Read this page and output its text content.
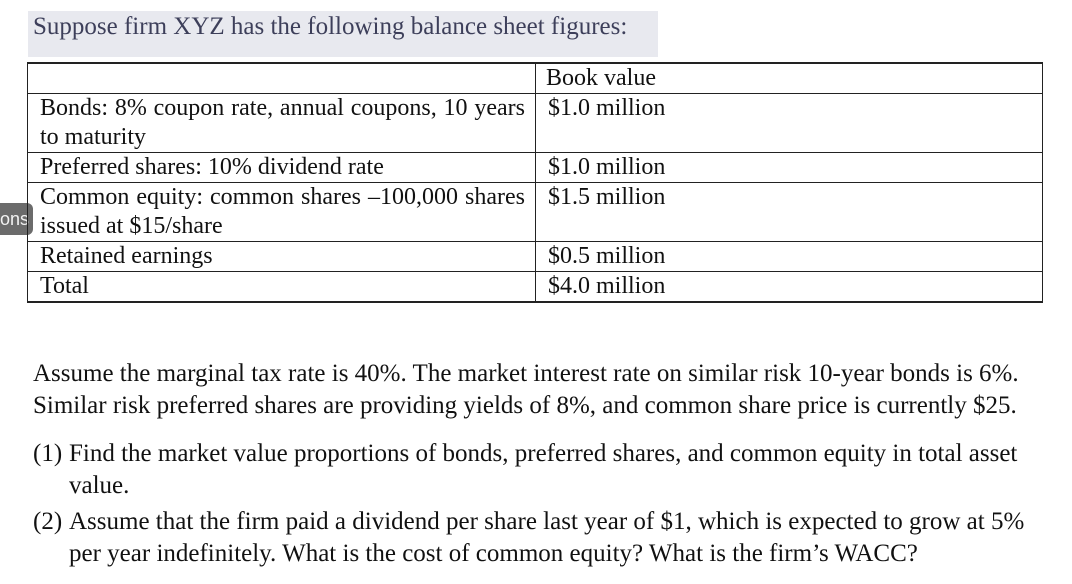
Suppose firm XYZ has the following balance sheet figures:
ons
	Book value
Bonds: 8% coupon rate, annual coupons, 10 years to maturity	$1.0 million
Preferred shares: 10% dividend rate	$1.0 million
Common equity: common shares –100,000 shares issued at $15/share	$1.5 million
Retained earnings	$0.5 million
Total	$4.0 million

Assume the marginal tax rate is 40%. The market interest rate on similar risk 10-year bonds is 6%. Similar risk preferred shares are providing yields of 8%, and common share price is currently $25.

(1) Find the market value proportions of bonds, preferred shares, and common equity in total asset value.
(2) Assume that the firm paid a dividend per share last year of $1, which is expected to grow at 5% per year indefinitely. What is the cost of common equity? What is the firm’s WACC?
